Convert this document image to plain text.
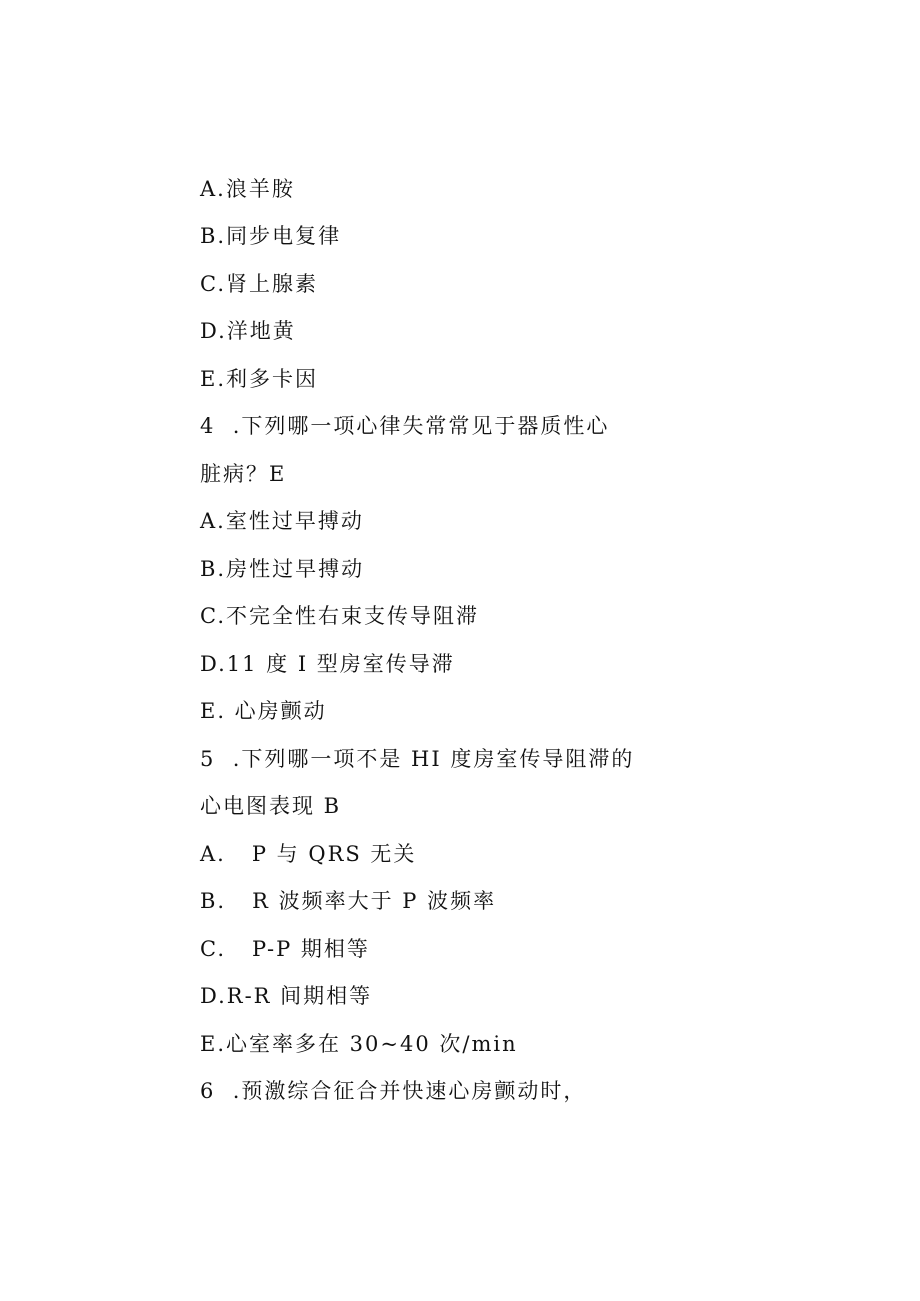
A.浪羊胺
B.同步电复律
C.肾上腺素
D.洋地黄
E.利多卡因
4  .下列哪一项心律失常常见于器质性心
脏病？E
A.室性过早搏动
B.房性过早搏动
C.不完全性右束支传导阻滞
D.11 度 I 型房室传导滞
E. 心房颤动
5  .下列哪一项不是 HI 度房室传导阻滞的
心电图表现 B
A.   P 与 QRS 无关
B.   R 波频率大于 P 波频率
C.   P-P 期相等
D.R-R 间期相等
E.心室率多在 30~40 次/min
6  .预激综合征合并快速心房颤动时，
